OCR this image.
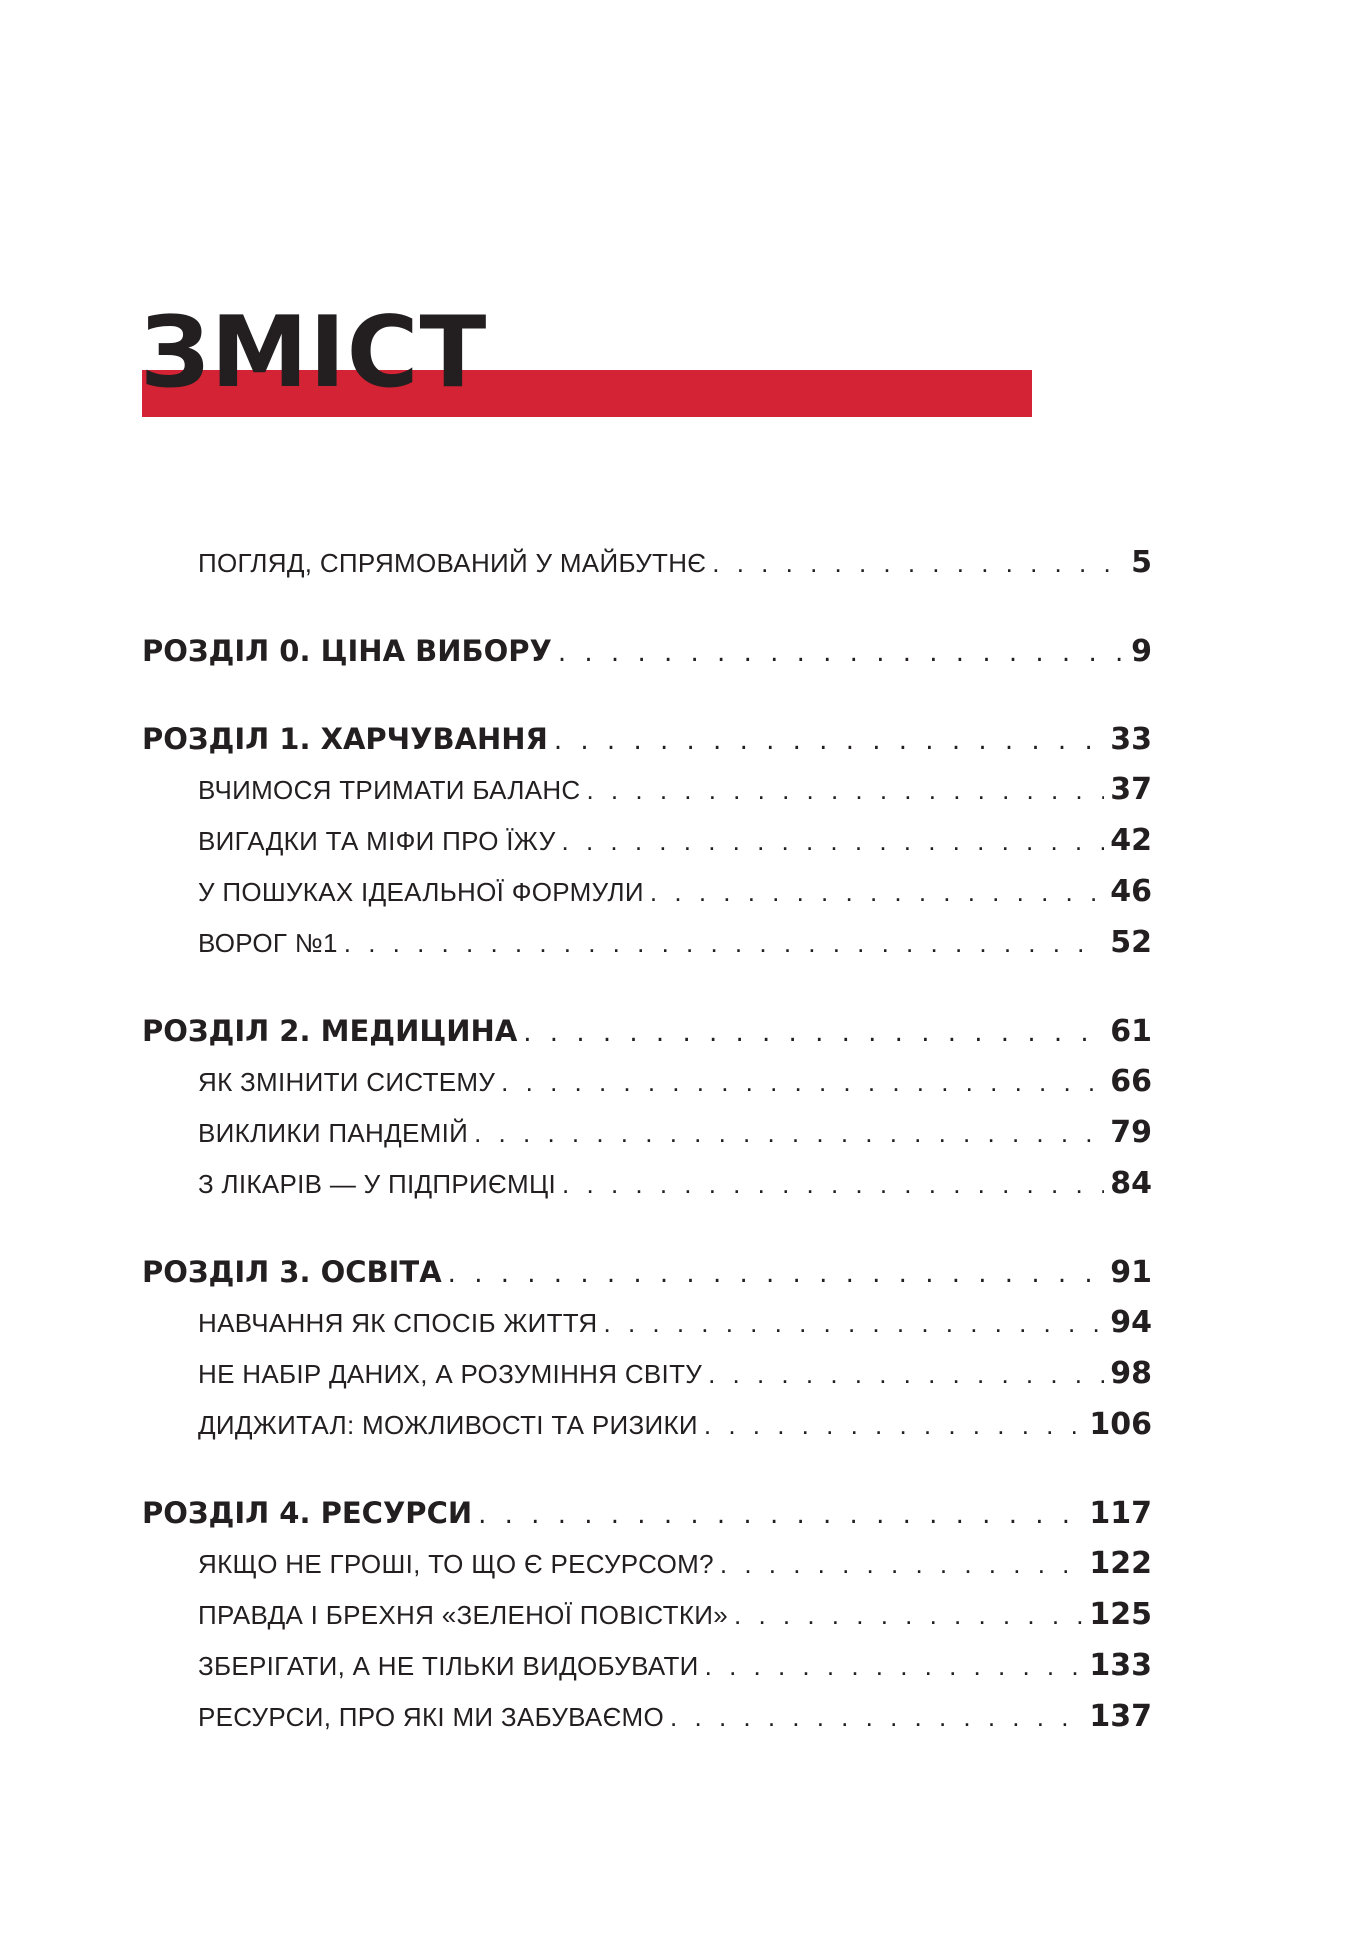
ЗМІСТ
ПОГЛЯД, СПРЯМОВАНИЙ У МАЙБУТНЄ . . .	5
РОЗДІЛ 0. ЦІНА ВИБОРУ . . .	9
РОЗДІЛ 1. ХАРЧУВАННЯ . . .	33
ВЧИМОСЯ ТРИМАТИ БАЛАНС . . .	37
ВИГАДКИ ТА МІФИ ПРО ЇЖУ . . .	42
У ПОШУКАХ ІДЕАЛЬНОЇ ФОРМУЛИ . . .	46
ВОРОГ №1 . . .	52
РОЗДІЛ 2. МЕДИЦИНА . . .	61
ЯК ЗМІНИТИ СИСТЕМУ . . .	66
ВИКЛИКИ ПАНДЕМІЙ . . .	79
З ЛІКАРІВ — У ПІДПРИЄМЦІ . . .	84
РОЗДІЛ 3. ОСВІТА . . .	91
НАВЧАННЯ ЯК СПОСІБ ЖИТТЯ . . .	94
НЕ НАБІР ДАНИХ, А РОЗУМІННЯ СВІТУ . . .	98
ДИДЖИТАЛ: МОЖЛИВОСТІ ТА РИЗИКИ . . .	106
РОЗДІЛ 4. РЕСУРСИ . . .	117
ЯКЩО НЕ ГРОШІ, ТО ЩО Є РЕСУРСОМ? . . .	122
ПРАВДА І БРЕХНЯ «ЗЕЛЕНОЇ ПОВІСТКИ» . . .	125
ЗБЕРІГАТИ, А НЕ ТІЛЬКИ ВИДОБУВАТИ . . .	133
РЕСУРСИ, ПРО ЯКІ МИ ЗАБУВАЄМО . . .	137
